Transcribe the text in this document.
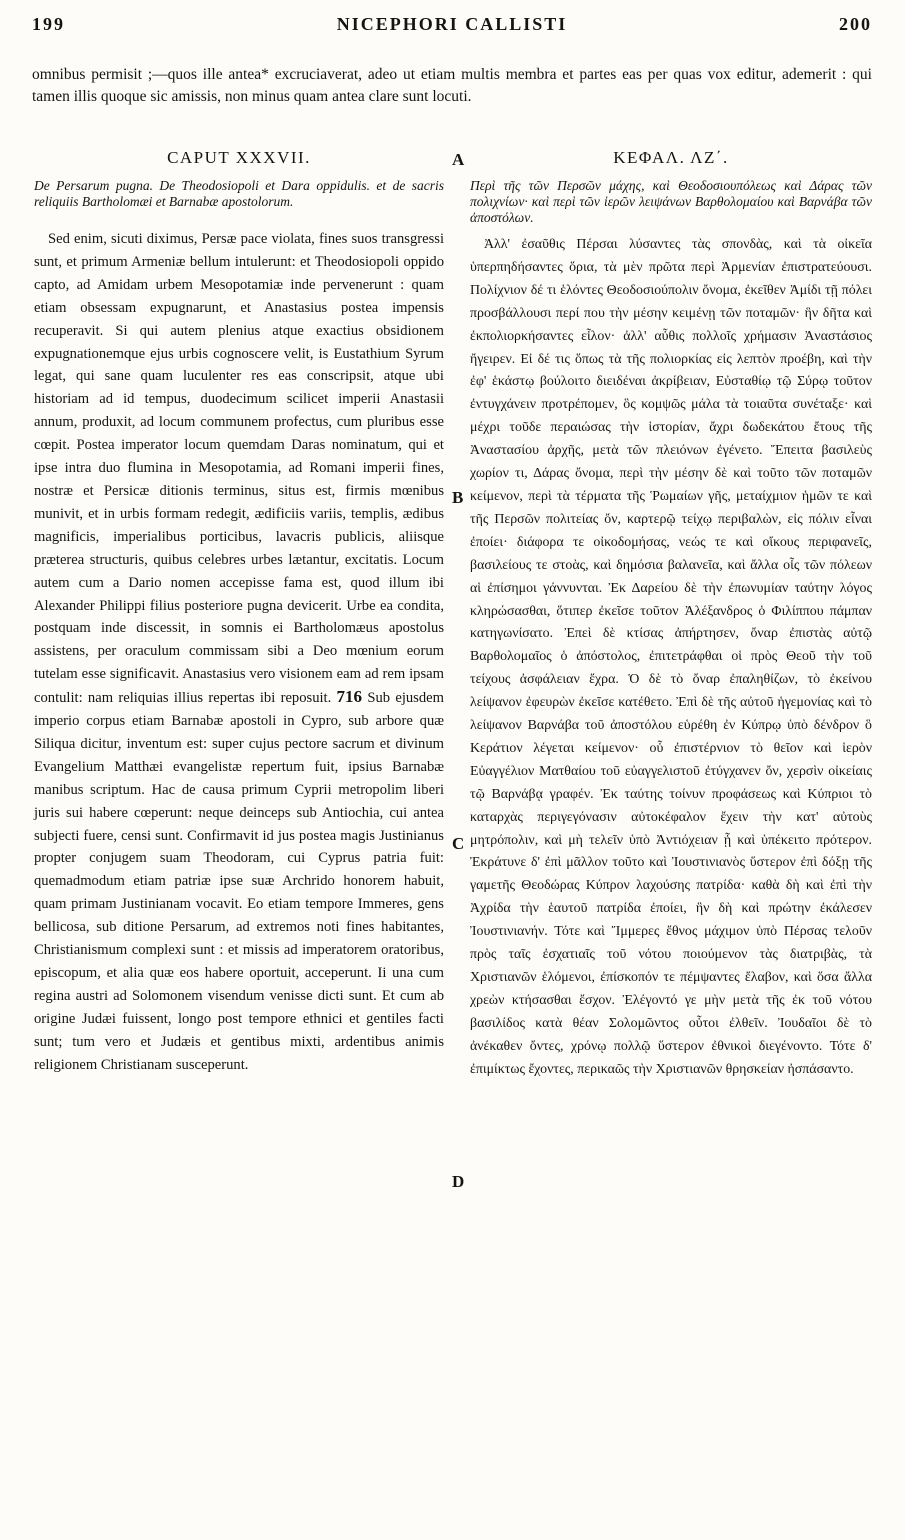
199	NICEPHORI CALLISTI	200
omnibus permisit ;—quos ille antea* excruciaverat, adeo ut etiam multis membra et partes eas per quas vox editur, ademerit : qui tamen illis quoque sic amissis, non minus quam antea clare sunt locuti.
CAPUT XXXVII.

De Persarum pugna. De Theodosiopoli et Dara oppidulis. et de sacris reliquiis Bartholomæi et Barnabæ apostolorum.

Sed enim, sicuti diximus, Persæ pace violata, fines suos transgressi sunt, et primum Armeniæ bellum intulerunt: et Theodosiopoli oppido capto, ad Amidam urbem Mesopotamiæ inde pervenerunt : quam etiam obsessam expugnarunt, et Anastasius postea impensis recuperavit. Si qui autem plenius atque exactius obsidionem expugnationemque ejus urbis cognoscere velit, is Eustathium Syrum legat, qui sane quam luculenter res eas conscripsit, atque ubi historiam ad id tempus, duodecimum scilicet imperii Anastasii annum, produxit, ad locum communem profectus, cum pluribus esse cœpit. Postea imperator locum quemdam Daras nominatum, qui et ipse intra duo flumina in Mesopotamia, ad Romani imperii fines, nostræ et Persicæ ditionis terminus, situs est, firmis mœnibus munivit, et in urbis formam redegit, ædificiis variis, templis, ædibus magnificis, imperialibus porticibus, lavacris publicis, aliisque præterea structuris, quibus celebres urbes lætantur, excitatis. Locum autem cum a Dario nomen accepisse fama est, quod illum ibi Alexander Philippi filius posteriore pugna devicerit. Urbe ea condita, postquam inde discessit, in somnis ei Bartholomæus apostolus assistens, per oraculum commissam sibi a Deo mœnium eorum tutelam esse significavit. Anastasius vero visionem eam ad rem ipsam contulit: nam reliquias illius repertas ibi reposuit. 716 Sub ejusdem imperio corpus etiam Barnabæ apostoli in Cypro, sub arbore quæ Siliqua dicitur, inventum est: super cujus pectore sacrum et divinum Evangelium Matthæi evangelistæ repertum fuit, ipsius Barnabæ manibus scriptum. Hac de causa primum Cyprii metropolim liberi juris sui habere cœperunt: neque deinceps sub Antiochia, cui antea subjecti fuere, censi sunt. Confirmavit id jus postea magis Justinianus propter conjugem suam Theodoram, cui Cyprus patria fuit: quemadmodum etiam patriæ ipse suæ Archrido honorem habuit, quam primam Justinianam vocavit. Eo etiam tempore Immeres, gens bellicosa, sub ditione Persarum, ad extremos noti fines habitantes, Christianismum complexi sunt : et missis ad imperatorem oratoribus, episcopum, et alia quæ eos habere oportuit, acceperunt. Ii una cum regina austri ad Solomonem visendum venisse dicti sunt. Et cum ab origine Judæi fuissent, longo post tempore ethnici et gentiles facti sunt; tum vero et Judæis et gentibus mixti, ardentibus animis religionem Christianam susceperunt.

A
B
C
D
ΚΕΦΑΛ. ΛΖ΄.

Περὶ τῆς τῶν Περσῶν μάχης, καὶ Θεοδοσιουπόλεως καὶ Δάρας τῶν πολιχνίων· καὶ περὶ τῶν ἱερῶν λειψάνων Βαρθολομαίου καὶ Βαρνάβα τῶν ἀποστόλων.

Ἀλλ' ἐσαῦθις Πέρσαι λύσαντες τὰς σπονδὰς, καὶ τὰ οἰκεῖα ὑπερπηδήσαντες ὅρια, τὰ μὲν πρῶτα περὶ Ἀρμενίαν ἐπιστρατεύουσι. Πολίχνιον δέ τι ἑλόντες Θεοδοσιούπολιν ὄνομα, ἐκεῖθεν Ἀμίδι τῇ πόλει προσβάλλουσι περί που τὴν μέσην κειμένῃ τῶν ποταμῶν· ἣν δῆτα καὶ ἐκπολιορκήσαντες εἷλον· ἀλλ' αὖθις πολλοῖς χρήμασιν Ἀναστάσιος ἤγειρεν. Εἰ δέ τις ὅπως τὰ τῆς πολιορκίας εἰς λεπτὸν προέβη, καὶ τὴν ἐφ' ἑκάστῳ βούλοιτο διειδέναι ἀκρίβειαν, Εὐσταθίῳ τῷ Σύρῳ τοῦτον ἐντυγχάνειν προτρέπομεν, ὃς κομψῶς μάλα τὰ τοιαῦτα συνέταξε· καὶ μέχρι τοῦδε περαιώσας τὴν ἱστορίαν, ἄχρι δωδεκάτου ἔτους τῆς Ἀναστασίου ἀρχῆς, μετὰ τῶν πλειόνων ἐγένετο. Ἔπειτα βασιλεὺς χωρίον τι, Δάρας ὄνομα, περὶ τὴν μέσην δὲ καὶ τοῦτο τῶν ποταμῶν κείμενον, περὶ τὰ τέρματα τῆς Ῥωμαίων γῆς, μεταίχμιον ἡμῶν τε καὶ τῆς Περσῶν πολιτείας ὄν, καρτερῷ τείχῳ περιβαλὼν, εἰς πόλιν εἶναι ἐποίει· διάφορα τε οἰκοδομήσας, νεώς τε καὶ οἴκους περιφανεῖς, βασιλείους τε στοὰς, καὶ δημόσια βαλανεῖα, καὶ ἄλλα οἷς τῶν πόλεων αἱ ἐπίσημοι γάννυνται. Ἐκ Δαρείου δὲ τὴν ἐπωνυμίαν ταύτην λόγος κληρώσασθαι, ὅτιπερ ἐκεῖσε τοῦτον Ἀλέξανδρος ὁ Φιλίππου πάμπαν κατηγωνίσατο. Ἐπεὶ δὲ κτίσας ἀπήρτησεν, ὄναρ ἐπιστὰς αὐτῷ Βαρθολομαῖος ὁ ἀπόστολος, ἐπιτετράφθαι οἱ πρὸς Θεοῦ τὴν τοῦ τείχους ἀσφάλειαν ἔχρα. Ὁ δὲ τὸ ὄναρ ἐπαληθίζων, τὸ ἐκείνου λείψανον ἐφευρὼν ἐκεῖσε κατέθετο. Ἐπὶ δὲ τῆς αὐτοῦ ἡγεμονίας καὶ τὸ λείψανον Βαρνάβα τοῦ ἀποστόλου εὑρέθη ἐν Κύπρῳ ὑπὸ δένδρον ὃ Κεράτιον λέγεται κείμενον· οὗ ἐπιστέρνιον τὸ θεῖον καὶ ἱερὸν Εὐαγγέλιον Ματθαίου τοῦ εὐαγγελιστοῦ ἐτύγχανεν ὄν, χερσὶν οἰκείαις τῷ Βαρνάβᾳ γραφέν. Ἐκ ταύτης τοίνυν προφάσεως καὶ Κύπριοι τὸ καταρχὰς περιγεγόνασιν αὐτοκέφαλον ἔχειν τὴν κατ' αὐτοὺς μητρόπολιν, καὶ μὴ τελεῖν ὑπὸ Ἀντιόχειαν ᾗ καὶ ὑπέκειτο πρότερον. Ἐκράτυνε δ' ἐπὶ μᾶλλον τοῦτο καὶ Ἰουστινιανὸς ὕστερον ἐπὶ δόξῃ τῆς γαμετῆς Θεοδώρας Κύπρον λαχούσης πατρίδα· καθὰ δὴ καὶ ἐπὶ τὴν Ἀχρίδα τὴν ἑαυτοῦ πατρίδα ἐποίει, ἣν δὴ καὶ πρώτην ἐκάλεσεν Ἰουστινιανήν. Τότε καὶ Ἴμμερες ἔθνος μάχιμον ὑπὸ Πέρσας τελοῦν πρὸς ταῖς ἐσχατιαῖς τοῦ νότου ποιούμενον τὰς διατριβὰς, τὰ Χριστιανῶν ἑλόμενοι, ἐπίσκοπόν τε πέμψαντες ἔλαβον, καὶ ὅσα ἄλλα χρεὼν κτήσασθαι ἔσχον. Ἐλέγοντό γε μὴν μετὰ τῆς ἐκ τοῦ νότου βασιλίδος κατὰ θέαν Σολομῶντος οὗτοι ἐλθεῖν. Ἰουδαῖοι δὲ τὸ ἀνέκαθεν ὄντες, χρόνῳ πολλῷ ὕστερον ἐθνικοὶ διεγένοντο. Τότε δ' ἐπιμίκτως ἔχοντες, περικαῶς τὴν Χριστιανῶν θρησκείαν ἠσπάσαντο.
